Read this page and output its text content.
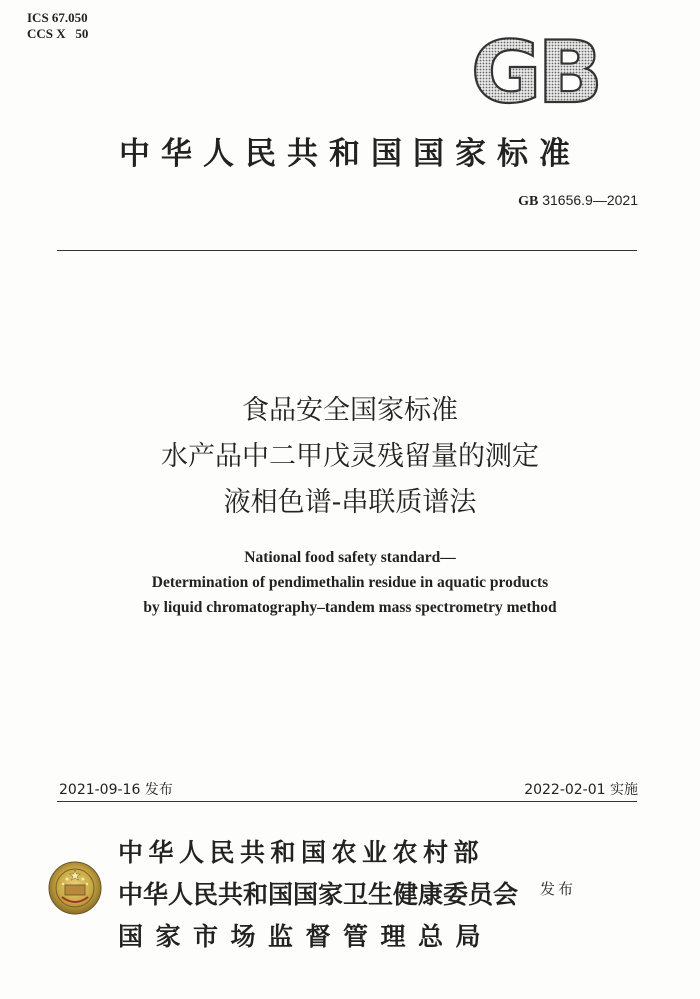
ICS 67.050
CCS X   50	GB
中华人民共和国国家标准
GB 31656.9—2021
食品安全国家标准
水产品中二甲戊灵残留量的测定
液相色谱-串联质谱法
National food safety standard—
Determination of pendimethalin residue in aquatic products
by liquid chromatography–tandem mass spectrometry method
2021-09-16 发布	2022-02-01 实施
中华人民共和国农业农村部
中华人民共和国国家卫生健康委员会
国家市场监督管理总局
发布
